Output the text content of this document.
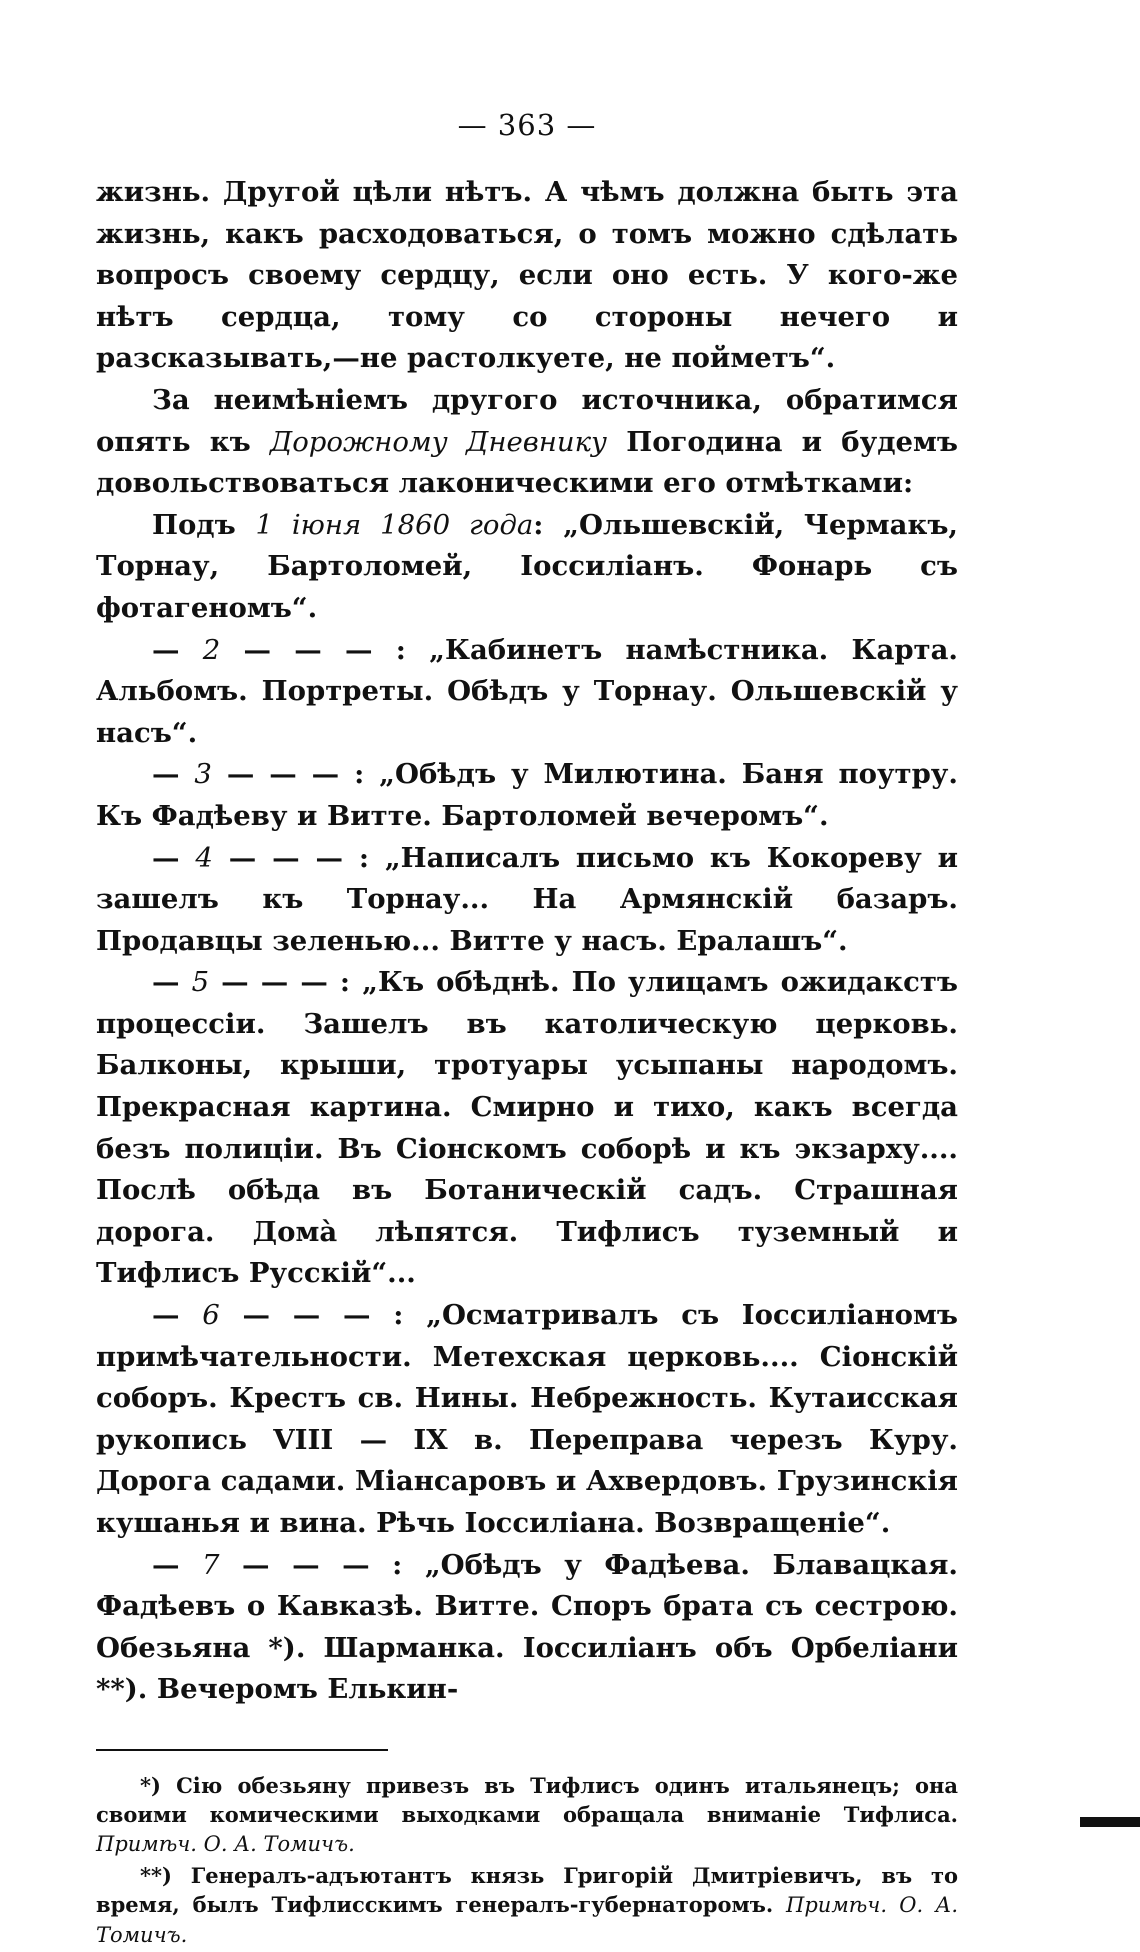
— 363 —

жизнь. Другой цѣли нѣтъ. А чѣмъ должна быть эта жизнь, какъ расходоваться, о томъ можно сдѣлать вопросъ своему сердцу, если оно есть. У кого-же нѣтъ сердца, тому со стороны нечего и разсказывать,—не растолкуете, не пойметъ“.

За неимѣніемъ другого источника, обратимся опять къ Дорожному Дневнику Погодина и будемъ довольствоваться лаконическими его отмѣтками:

Подъ 1 іюня 1860 года: „Ольшевскій, Чермакъ, Торнау, Бартоломей, Іоссиліанъ. Фонарь съ фотагеномъ“.

— 2 — — — : „Кабинетъ намѣстника. Карта. Альбомъ. Портреты. Обѣдъ у Торнау. Ольшевскій у насъ“.

— 3 — — — : „Обѣдъ у Милютина. Баня поутру. Къ Фадѣеву и Витте. Бартоломей вечеромъ“.

— 4 — — — : „Написалъ письмо къ Кокореву и зашелъ къ Торнау... На Армянскій базаръ. Продавцы зеленью... Витте у насъ. Ералашъ“.

— 5 — — — : „Къ обѣднѣ. По улицамъ ожидакстъ процессіи. Зашелъ въ католическую церковь. Балконы, крыши, тротуары усыпаны народомъ. Прекрасная картина. Смирно и тихо, какъ всегда безъ полиціи. Въ Сіонскомъ соборѣ и къ экзарху.... Послѣ обѣда въ Ботаническій садъ. Страшная дорога. Домà лѣпятся. Тифлисъ туземный и Тифлисъ Русскій“...

— 6 — — — : „Осматривалъ съ Іоссиліаномъ примѣчательности. Метехская церковь.... Сіонскій соборъ. Крестъ св. Нины. Небрежность. Кутаисская рукопись VIII — IX в. Переправа черезъ Куру. Дорога садами. Міансаровъ и Ахвердовъ. Грузинскія кушанья и вина. Рѣчь Іоссиліана. Возвращеніе“.

— 7 — — — : „Обѣдъ у Фадѣева. Блавацкая. Фадѣевъ о Кавказѣ. Витте. Споръ брата съ сестрою. Обезьяна *). Шарманка. Іоссиліанъ объ Орбеліани **). Вечеромъ Елькин-

*) Сію обезьяну привезъ въ Тифлисъ одинъ итальянецъ; она своими комическими выходками обращала вниманіе Тифлиса. Примѣч. О. А. Томичъ.

**) Генералъ-адъютантъ князь Григорій Дмитріевичъ, въ то время, былъ Тифлисскимъ генералъ-губернаторомъ. Примѣч. О. А. Томичъ.
